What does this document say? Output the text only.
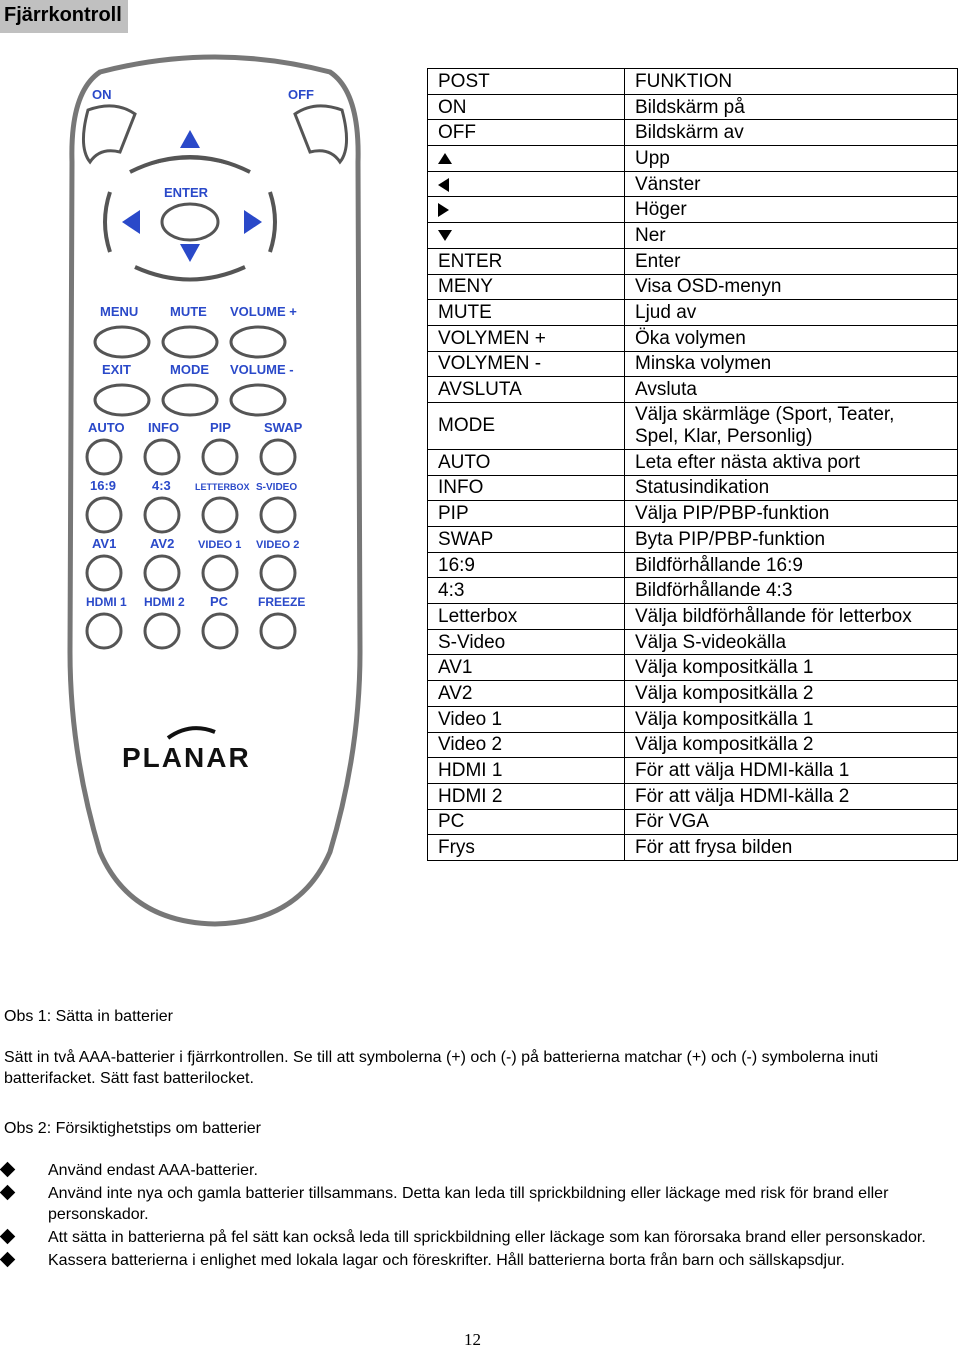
Fjärrkontroll
ON	OFF
ENTER
MENU MUTE VOLUME +
EXIT	MODE VOLUME -
AUTO INFO PIP	SWAP
16:9	4:3	LETTERBOX S-VIDEO
AV1	AV2 VIDEO 1 VIDEO 2
HDMI 1 HDMI 2 PC FREEZE
PLANAR
POST	FUNKTION
ON	Bildskärm på
OFF	Bildskärm av
	Upp
	Vänster
	Höger
	Ner
ENTER	Enter
MENY	Visa OSD-menyn
MUTE	Ljud av
VOLYMEN +	Öka volymen
VOLYMEN -	Minska volymen
AVSLUTA	Avsluta
MODE	Välja skärmläge (Sport, Teater,
Spel, Klar, Personlig)

AUTO	Leta efter nästa aktiva port
INFO	Statusindikation
PIP	Välja PIP/PBP-funktion
SWAP	Byta PIP/PBP-funktion
16:9	Bildförhållande 16:9
4:3	Bildförhållande 4:3
Letterbox	Välja bildförhållande för letterbox
S-Video	Välja S-videokälla
AV1	Välja kompositkälla 1
AV2	Välja kompositkälla 2
Video 1	Välja kompositkälla 1
Video 2	Välja kompositkälla 2
HDMI 1	För att välja HDMI-källa 1
HDMI 2	För att välja HDMI-källa 2
PC	För VGA
Frys	För att frysa bilden
Obs 1: Sätta in batterier
Sätt in två AAA-batterier i fjärrkontrollen. Se till att symbolerna (+) och (-) på batterierna matchar (+) och (-) symbolerna inuti batterifacket. Sätt fast batterilocket.
Obs 2: Försiktighetstips om batterier
Använd endast AAA-batterier.
Använd inte nya och gamla batterier tillsammans. Detta kan leda till sprickbildning eller läckage med risk för brand eller personskador.
Att sätta in batterierna på fel sätt kan också leda till sprickbildning eller läckage som kan förorsaka brand eller personskador.
Kassera batterierna i enlighet med lokala lagar och föreskrifter. Håll batterierna borta från barn och sällskapsdjur.
12
